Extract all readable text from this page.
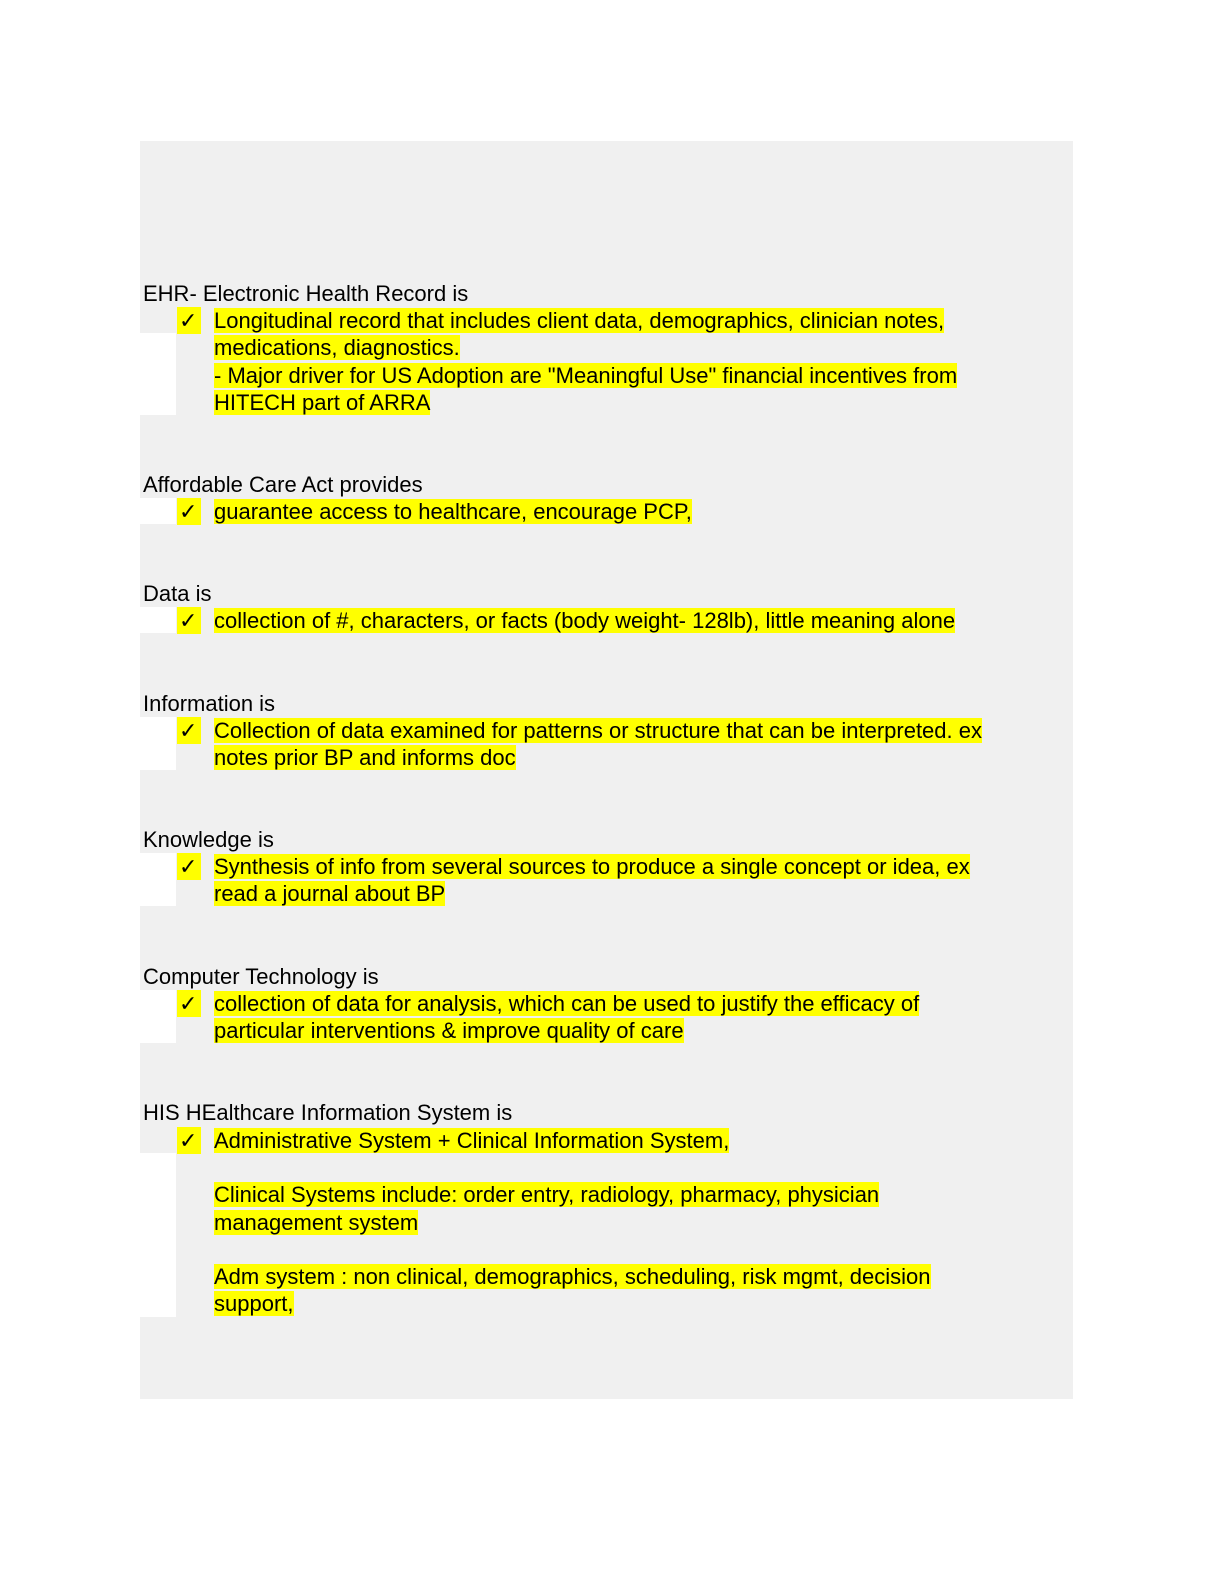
EHR- Electronic Health Record is
✓ Longitudinal record that includes client data, demographics, clinician notes,
medications, diagnostics.
- Major driver for US Adoption are "Meaningful Use" financial incentives from
HITECH part of ARRA
Affordable Care Act provides
✓ guarantee access to healthcare, encourage PCP,
Data is
✓ collection of #, characters, or facts (body weight- 128lb), little meaning alone
Information is
✓ Collection of data examined for patterns or structure that can be interpreted. ex
notes prior BP and informs doc
Knowledge is
✓ Synthesis of info from several sources to produce a single concept or idea, ex
read a journal about BP
Computer Technology is
✓ collection of data for analysis, which can be used to justify the efficacy of
particular interventions & improve quality of care
HIS HEalthcare Information System is
✓ Administrative System + Clinical Information System,
Clinical Systems include: order entry, radiology, pharmacy, physician
management system
Adm system : non clinical, demographics, scheduling, risk mgmt, decision
support,
